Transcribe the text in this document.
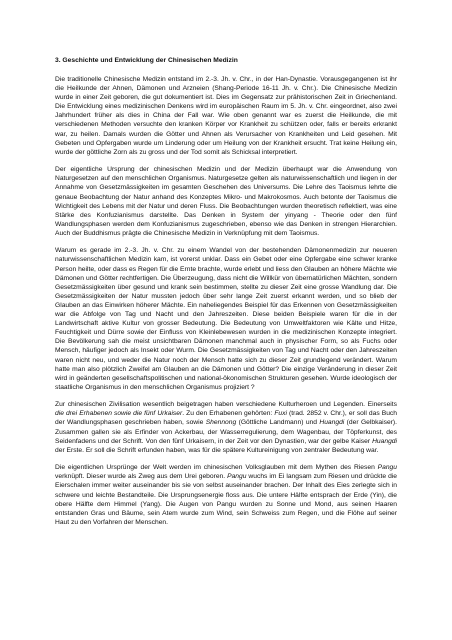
3. Geschichte und Entwicklung der Chinesischen Medizin

Die traditionelle Chinesische Medizin entstand im 2.-3. Jh. v. Chr., in der Han-Dynastie. Vorausgegangenen ist ihr die Heilkunde der Ahnen, Dämonen und Arzneien (Shang-Periode 16-11 Jh. v. Chr.). Die Chinesische Medizin wurde in einer Zeit geboren, die gut dokumentiert ist. Dies im Gegensatz zur prähistorischen Zeit in Griechenland. Die Entwicklung eines medizinischen Denkens wird im europäischen Raum im 5. Jh. v. Chr. eingeordnet, also zwei Jahrhundert früher als dies in China der Fall war. Wie oben genannt war es zuerst die Heilkunde, die mit verschiedenen Methoden versuchte den kranken Körper vor Krankheit zu schützen oder, falls er bereits erkrankt war, zu heilen. Damals wurden die Götter und Ahnen als Verursacher von Krankheiten und Leid gesehen. Mit Gebeten und Opfergaben wurde um Linderung oder um Heilung von der Krankheit ersucht. Trat keine Heilung ein, wurde der göttliche Zorn als zu gross und der Tod somit als Schicksal interpretiert.

Der eigentliche Ursprung der chinesischen Medizin und der Medizin überhaupt war die Anwendung von Naturgesetzen auf den menschlichen Organismus. Naturgesetze gelten als naturwissenschaftlich und liegen in der Annahme von Gesetzmässigkeiten im gesamten Geschehen des Universums. Die Lehre des Taoismus lehrte die genaue Beobachtung der Natur anhand des Konzeptes Mikro- und Makrokosmos. Auch betonte der Taoismus die Wichtigkeit des Lebens mit der Natur und deren Fluss. Die Beobachtungen wurden theoretisch reflektiert, was eine Stärke des Konfuzianismus darstellte. Das Denken in System der yinyang - Theorie oder den fünf Wandlungsphasen werden dem Konfuzianismus zugeschrieben, ebenso wie das Denken in strengen Hierarchien. Auch der Buddhismus prägte die Chinesische Medizin in Verknüpfung mit dem Taoismus.

Warum es gerade im 2.-3. Jh. v. Chr. zu einem Wandel von der bestehenden Dämonenmedizin zur neueren naturwissenschaftlichen Medizin kam, ist vorerst unklar. Dass ein Gebet oder eine Opfergabe eine schwer kranke Person heilte, oder dass es Regen für die Ernte brachte, wurde erlebt und liess den Glauben an höhere Mächte wie Dämonen und Götter rechtfertigen. Die Überzeugung, dass nicht die Willkür von übernatürlichen Mächten, sondern Gesetzmässigkeiten über gesund und krank sein bestimmen, stellte zu dieser Zeit eine grosse Wandlung dar. Die Gesetzmässigkeiten der Natur mussten jedoch über sehr lange Zeit zuerst erkannt werden, und so blieb der Glauben an das Einwirken höherer Mächte. Ein naheliegendes Beispiel für das Erkennen von Gesetzmässigkeiten war die Abfolge von Tag und Nacht und den Jahreszeiten. Diese beiden Beispiele waren für die in der Landwirtschaft aktive Kultur von grosser Bedeutung. Die Bedeutung von Umweltfaktoren wie Kälte und Hitze, Feuchtigkeit und Dürre sowie der Einfluss von Kleinlebewesen wurden in die medizinischen Konzepte integriert. Die Bevölkerung sah die meist unsichtbaren Dämonen manchmal auch in physischer Form, so als Fuchs oder Mensch, häufiger jedoch als Insekt oder Wurm. Die Gesetzmässigkeiten von Tag und Nacht oder den Jahreszeiten waren nicht neu, und weder die Natur noch der Mensch hatte sich zu dieser Zeit grundlegend verändert. Warum hatte man also plötzlich Zweifel am Glauben an die Dämonen und Götter? Die einzige Veränderung in dieser Zeit wird in geänderten gesellschaftspolitischen und national-ökonomischen Strukturen gesehen. Wurde ideologisch der staatliche Organismus in den menschlichen Organismus projiziert ?

Zur chinesischen Zivilisation wesentlich beigetragen haben verschiedene Kulturheroen und Legenden. Einerseits die drei Erhabenen sowie die fünf Urkaiser. Zu den Erhabenen gehörten: Fuxi (trad. 2852 v. Chr.), er soll das Buch der Wandlungsphasen geschrieben haben, sowie Shennong (Göttliche Landmann) und Huangdi (der Gelbkaiser). Zusammen gallen sie als Erfinder von Ackerbau, der Wasserregulierung, dem Wagenbau, der Töpferkunst, des Seidenfadens und der Schrift. Von den fünf Urkaisern, in der Zeit vor den Dynastien, war der gelbe Kaiser Huangdi der Erste. Er soll die Schrift erfunden haben, was für die spätere Kultureinigung von zentraler Bedeutung war.

Die eigentlichen Ursprünge der Welt werden im chinesischen Volksglauben mit dem Mythen des Riesen Pangu verknüpft. Dieser wurde als Zweg aus dem Urei geboren. Pangu wuchs im Ei langsam zum Riesen und drückte die Eierschalen immer weiter auseinander bis sie von selbst auseinander brachen. Der Inhalt des Eies zerlegte sich in schwere und leichte Bestandteile. Die Ursprungsenergie floss aus. Die untere Hälfte entsprach der Erde (Yin), die obere Hälfte dem Himmel (Yang). Die Augen von Pangu wurden zu Sonne und Mond, aus seinen Haaren entstanden Gras und Bäume, sein Atem wurde zum Wind, sein Schweiss zum Regen, und die Flöhe auf seiner Haut zu den Vorfahren der Menschen.
